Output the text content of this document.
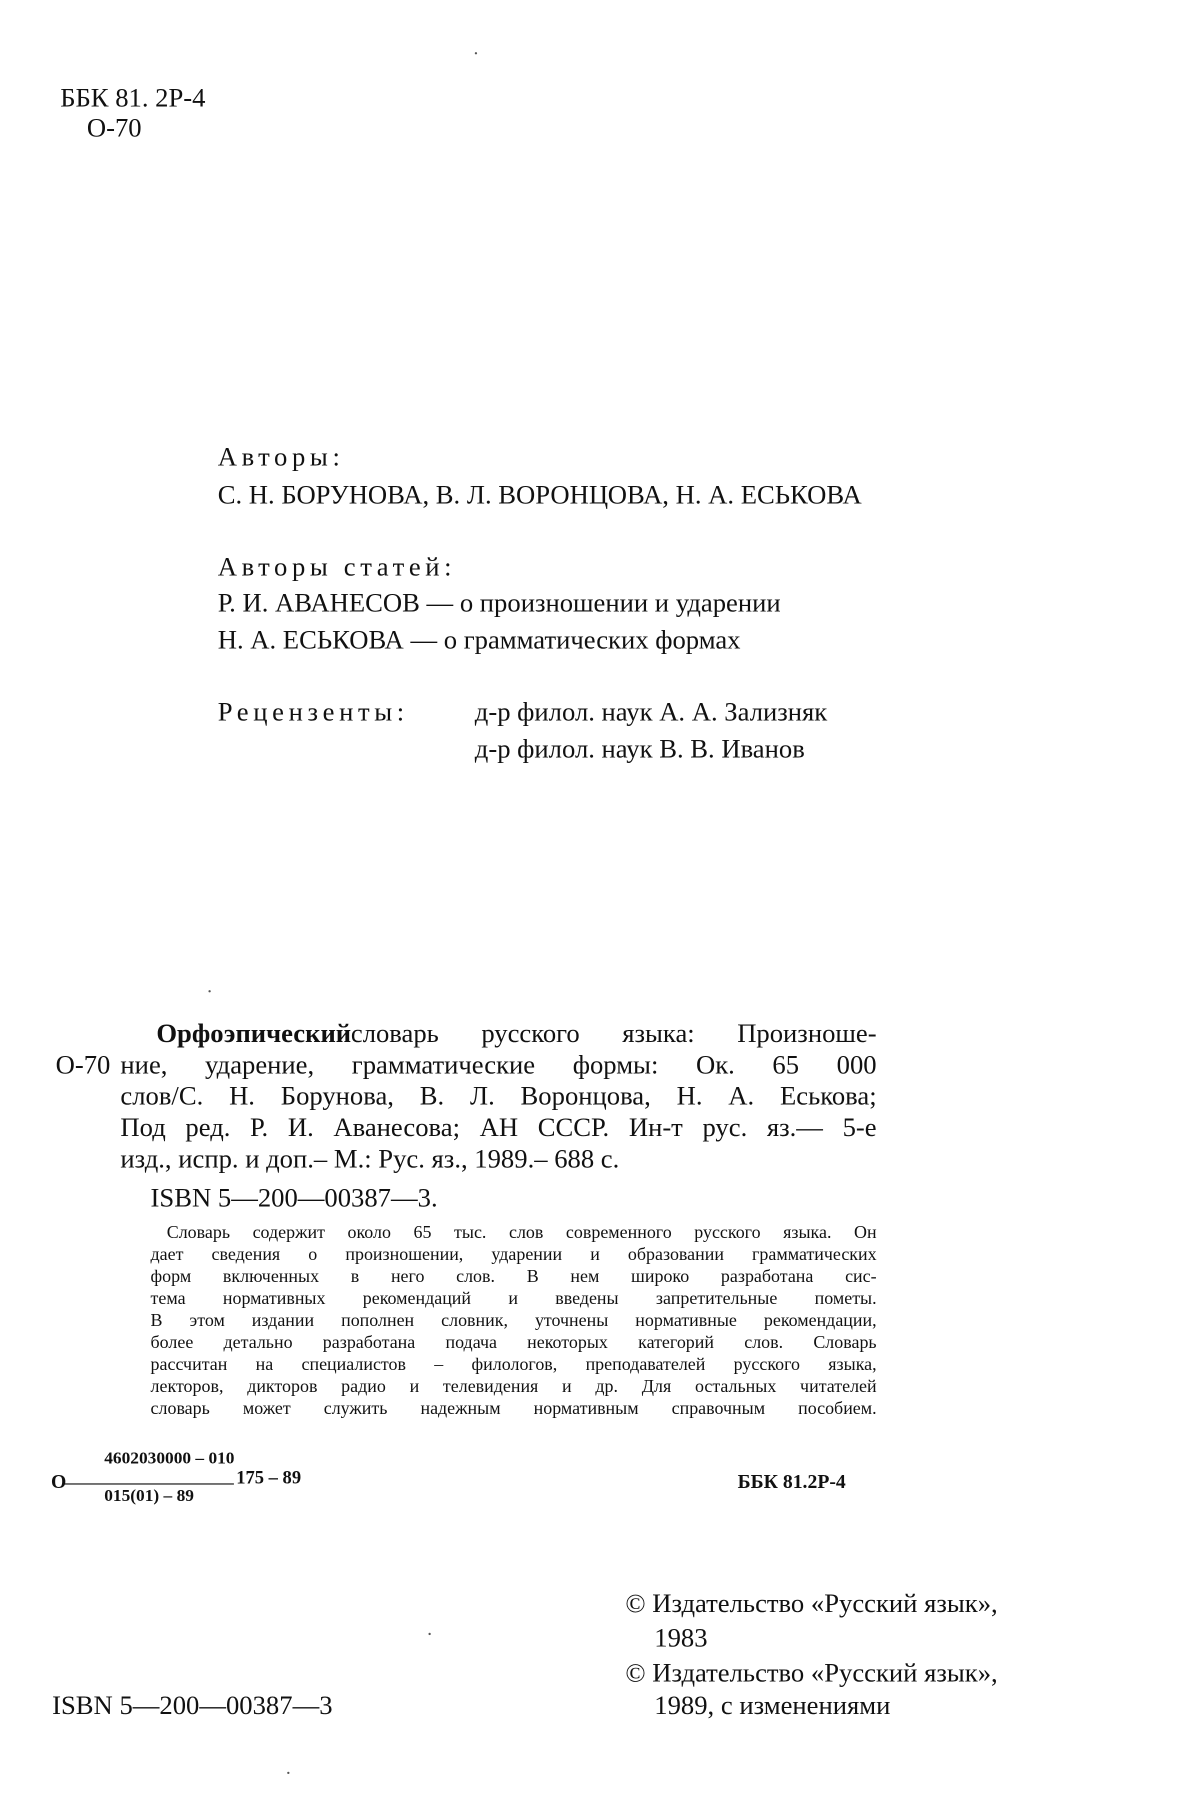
ББК 81. 2Р-4
О-70
Авторы:
С. Н. БОРУНОВА, В. Л. ВОРОНЦОВА, Н. А. ЕСЬКОВА
Авторы статей:
Р. И. АВАНЕСОВ — о произношении и ударении
Н. А. ЕСЬКОВА — о грамматических формах
Рецензенты:	д-р филол. наук А. А. Зализняк
д-р филол. наук В. В. Иванов
О-70
Орфоэпический словарь русского языка: Произноше-
ние, ударение, грамматические формы: Ок. 65 000
слов/С. Н. Борунова, В. Л. Воронцова, Н. А. Еськова;
Под ред. Р. И. Аванесова; АН СССР. Ин-т рус. яз.— 5-е
изд., испр. и доп.– М.: Рус. яз., 1989.– 688 с.
ISBN 5—200—00387—3.
Словарь содержит около 65 тыс. слов современного русского языка. Он
дает сведения о произношении, ударении и образовании грамматических
форм включенных в него слов. В нем широко разработана сис-
тема нормативных рекомендаций и введены запретительные пометы.
В этом издании пополнен словник, уточнены нормативные рекомендации,
более детально разработана подача некоторых категорий слов. Словарь
рассчитан на специалистов – филологов, преподавателей русского языка,
лекторов, дикторов радио и телевидения и др. Для остальных читателей
словарь может служить надежным нормативным справочным пособием.
О
4602030000 – 010
015(01) – 89
175 – 89	ББК 81.2Р-4
© Издательство «Русский язык»,
1983
© Издательство «Русский язык»,
1989, с изменениями
ISBN 5—200—00387—3
